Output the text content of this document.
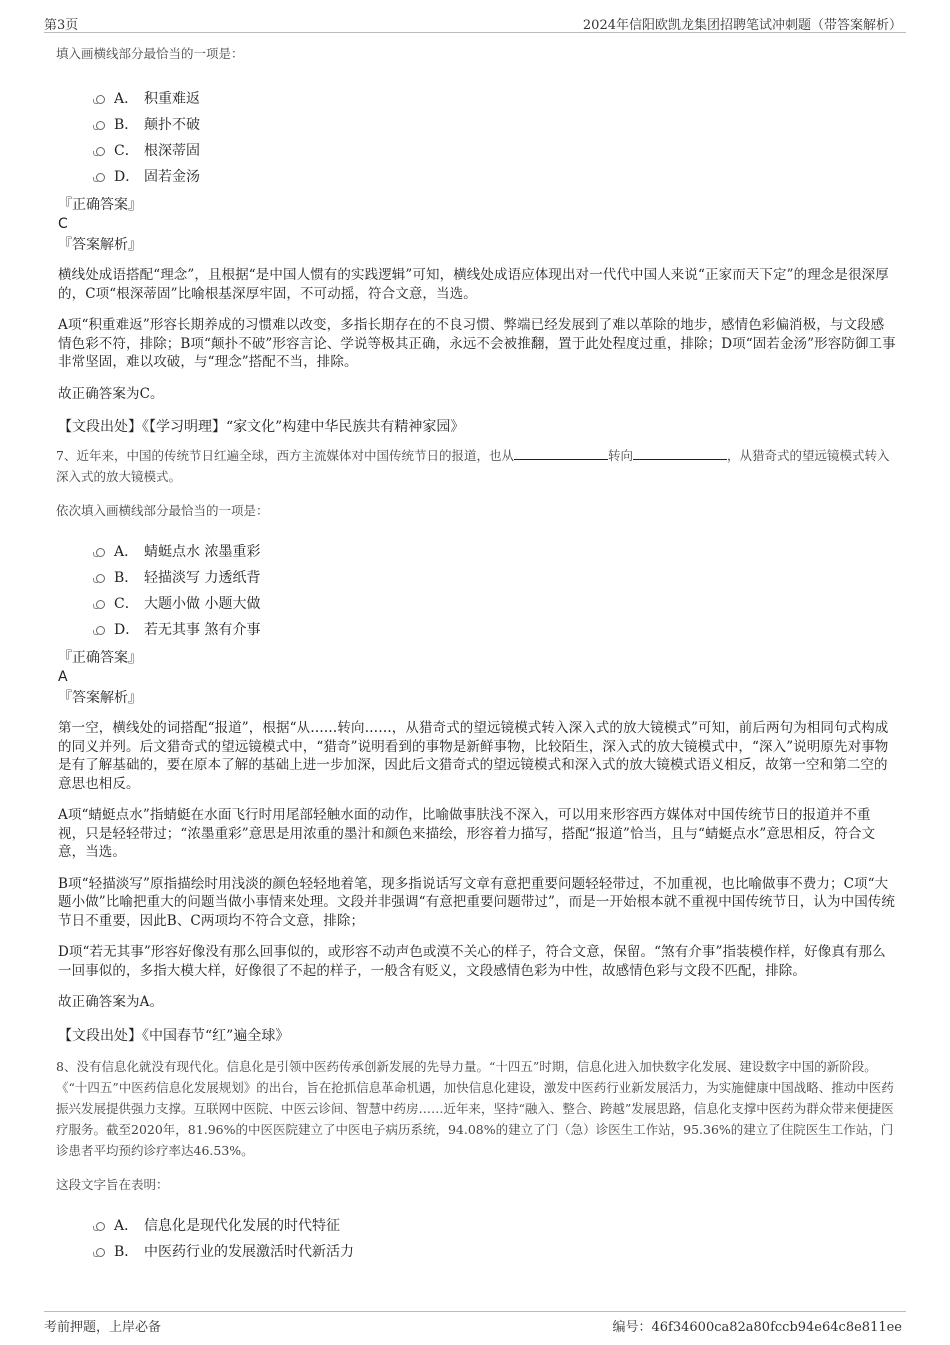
第3页	2024年信阳欧凯龙集团招聘笔试冲刺题（带答案解析）

填入画横线部分最恰当的一项是：

A． 积重难返
B． 颠扑不破
C． 根深蒂固
D． 固若金汤

『正确答案』

C

『答案解析』

横线处成语搭配“理念”，且根据“是中国人惯有的实践逻辑”可知，横线处成语应体现出对一代代中国人来说“正家而天下定”的理念是很深厚的，C项“根深蒂固”比喻根基深厚牢固，不可动摇，符合文意，当选。

A项“积重难返”形容长期养成的习惯难以改变，多指长期存在的不良习惯、弊端已经发展到了难以革除的地步，感情色彩偏消极，与文段感情色彩不符，排除；B项“颠扑不破”形容言论、学说等极其正确，永远不会被推翻，置于此处程度过重，排除；D项“固若金汤”形容防御工事非常坚固，难以攻破，与“理念”搭配不当，排除。

故正确答案为C。

【文段出处】《【学习明理】“家文化”构建中华民族共有精神家园》

7、近年来，中国的传统节日红遍全球，西方主流媒体对中国传统节日的报道，也从	转向	，从猎奇式的望远镜模式转入深入式的放大镜模式。

依次填入画横线部分最恰当的一项是：

A． 蜻蜓点水 浓墨重彩
B． 轻描淡写 力透纸背
C． 大题小做 小题大做
D． 若无其事 煞有介事

『正确答案』

A

『答案解析』

第一空，横线处的词搭配“报道”，根据“从……转向……，从猎奇式的望远镜模式转入深入式的放大镜模式”可知，前后两句为相同句式构成的同义并列。后文猎奇式的望远镜模式中，“猎奇”说明看到的事物是新鲜事物，比较陌生，深入式的放大镜模式中，“深入”说明原先对事物是有了解基础的，要在原本了解的基础上进一步加深，因此后文猎奇式的望远镜模式和深入式的放大镜模式语义相反，故第一空和第二空的意思也相反。

A项“蜻蜓点水”指蜻蜓在水面飞行时用尾部轻触水面的动作，比喻做事肤浅不深入，可以用来形容西方媒体对中国传统节日的报道并不重视，只是轻轻带过；“浓墨重彩”意思是用浓重的墨汁和颜色来描绘，形容着力描写，搭配“报道”恰当，且与“蜻蜓点水”意思相反，符合文意，当选。

B项“轻描淡写”原指描绘时用浅淡的颜色轻轻地着笔，现多指说话写文章有意把重要问题轻轻带过，不加重视，也比喻做事不费力；C项“大题小做”比喻把重大的问题当做小事情来处理。文段并非强调“有意把重要问题带过”，而是一开始根本就不重视中国传统节日，认为中国传统节日不重要，因此B、C两项均不符合文意，排除；

D项“若无其事”形容好像没有那么回事似的，或形容不动声色或漠不关心的样子，符合文意，保留。“煞有介事”指装模作样，好像真有那么一回事似的，多指大模大样，好像很了不起的样子，一般含有贬义，文段感情色彩为中性，故感情色彩与文段不匹配，排除。

故正确答案为A。

【文段出处】《中国春节“红”遍全球》

8、没有信息化就没有现代化。信息化是引领中医药传承创新发展的先导力量。“十四五”时期，信息化进入加快数字化发展、建设数字中国的新阶段。《“十四五”中医药信息化发展规划》的出台，旨在抢抓信息革命机遇，加快信息化建设，激发中医药行业新发展活力，为实施健康中国战略、推动中医药振兴发展提供强力支撑。互联网中医院、中医云诊间、智慧中药房……近年来，坚持“融入、整合、跨越”发展思路，信息化支撑中医药为群众带来便捷医疗服务。截至2020年，81.96%的中医医院建立了中医电子病历系统，94.08%的建立了门（急）诊医生工作站，95.36%的建立了住院医生工作站，门诊患者平均预约诊疗率达46.53%。

这段文字旨在表明：

A． 信息化是现代化发展的时代特征
B． 中医药行业的发展激活时代新活力
考前押题，上岸必备	编号：46f34600ca82a80fccb94e64c8e811ee
